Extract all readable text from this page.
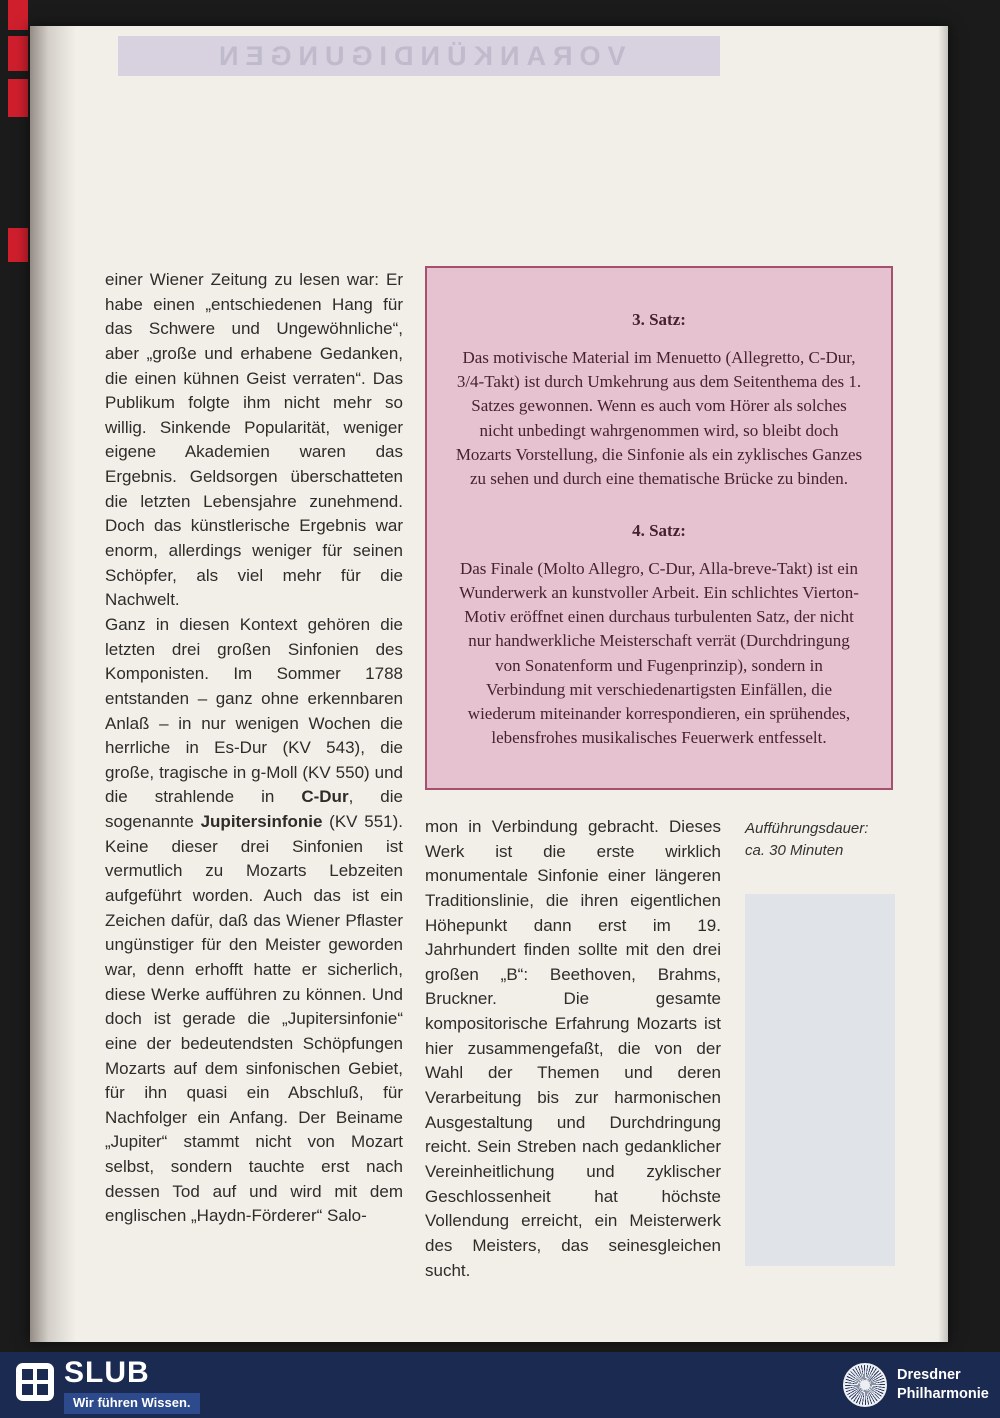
VORANKÜNDIGUNGEN

einer Wiener Zeitung zu lesen war: Er habe einen „entschiedenen Hang für das Schwere und Ungewöhnliche“, aber „große und erhabene Gedanken, die einen kühnen Geist verraten“. Das Publikum folgte ihm nicht mehr so willig. Sinkende Popularität, weniger eigene Akademien waren das Ergebnis. Geldsorgen überschatteten die letzten Lebensjahre zunehmend. Doch das künstlerische Ergebnis war enorm, allerdings weniger für seinen Schöpfer, als viel mehr für die Nachwelt.

Ganz in diesen Kontext gehören die letzten drei großen Sinfonien des Komponisten. Im Sommer 1788 entstanden – ganz ohne erkennbaren Anlaß – in nur wenigen Wochen die herrliche in Es-Dur (KV 543), die große, tragische in g-Moll (KV 550) und die strahlende in C-Dur, die sogenannte Jupitersinfonie (KV 551). Keine dieser drei Sinfonien ist vermutlich zu Mozarts Lebzeiten aufgeführt worden. Auch das ist ein Zeichen dafür, daß das Wiener Pflaster ungünstiger für den Meister geworden war, denn erhofft hatte er sicherlich, diese Werke aufführen zu können. Und doch ist gerade die „Jupitersinfonie“ eine der bedeutendsten Schöpfungen Mozarts auf dem sinfonischen Gebiet, für ihn quasi ein Abschluß, für Nachfolger ein Anfang. Der Beiname „Jupiter“ stammt nicht von Mozart selbst, sondern tauchte erst nach dessen Tod auf und wird mit dem englischen „Haydn-Förderer“ Salo-

3. Satz:
Das motivische Material im Menuetto (Allegretto, C-Dur, 3/4-Takt) ist durch Umkehrung aus dem Seitenthema des 1. Satzes gewonnen. Wenn es auch vom Hörer als solches nicht unbedingt wahrgenommen wird, so bleibt doch Mozarts Vorstellung, die Sinfonie als ein zyklisches Ganzes zu sehen und durch eine thematische Brücke zu binden.
4. Satz:
Das Finale (Molto Allegro, C-Dur, Alla-breve-Takt) ist ein Wunderwerk an kunstvoller Arbeit. Ein schlichtes Vierton-Motiv eröffnet einen durchaus turbulenten Satz, der nicht nur handwerkliche Meisterschaft verrät (Durchdringung von Sonatenform und Fugenprinzip), sondern in Verbindung mit verschiedenartigsten Einfällen, die wiederum miteinander korrespondieren, ein sprühendes, lebensfrohes musikalisches Feuerwerk entfesselt.

mon in Verbindung gebracht. Dieses Werk ist die erste wirklich monumentale Sinfonie einer längeren Traditionslinie, die ihren eigentlichen Höhepunkt dann erst im 19. Jahrhundert finden sollte mit den drei großen „B“: Beethoven, Brahms, Bruckner. Die gesamte kompositorische Erfahrung Mozarts ist hier zusammengefaßt, die von der Wahl der Themen und deren Verarbeitung bis zur harmonischen Ausgestaltung und Durchdringung reicht. Sein Streben nach gedanklicher Vereinheitlichung und zyklischer Geschlossenheit hat höchste Vollendung erreicht, ein Meisterwerk des Meisters, das seinesgleichen sucht.

Aufführungsdauer:
ca. 30 Minuten
SLUB
Wir führen Wissen.
Dresdner
Philharmonie
